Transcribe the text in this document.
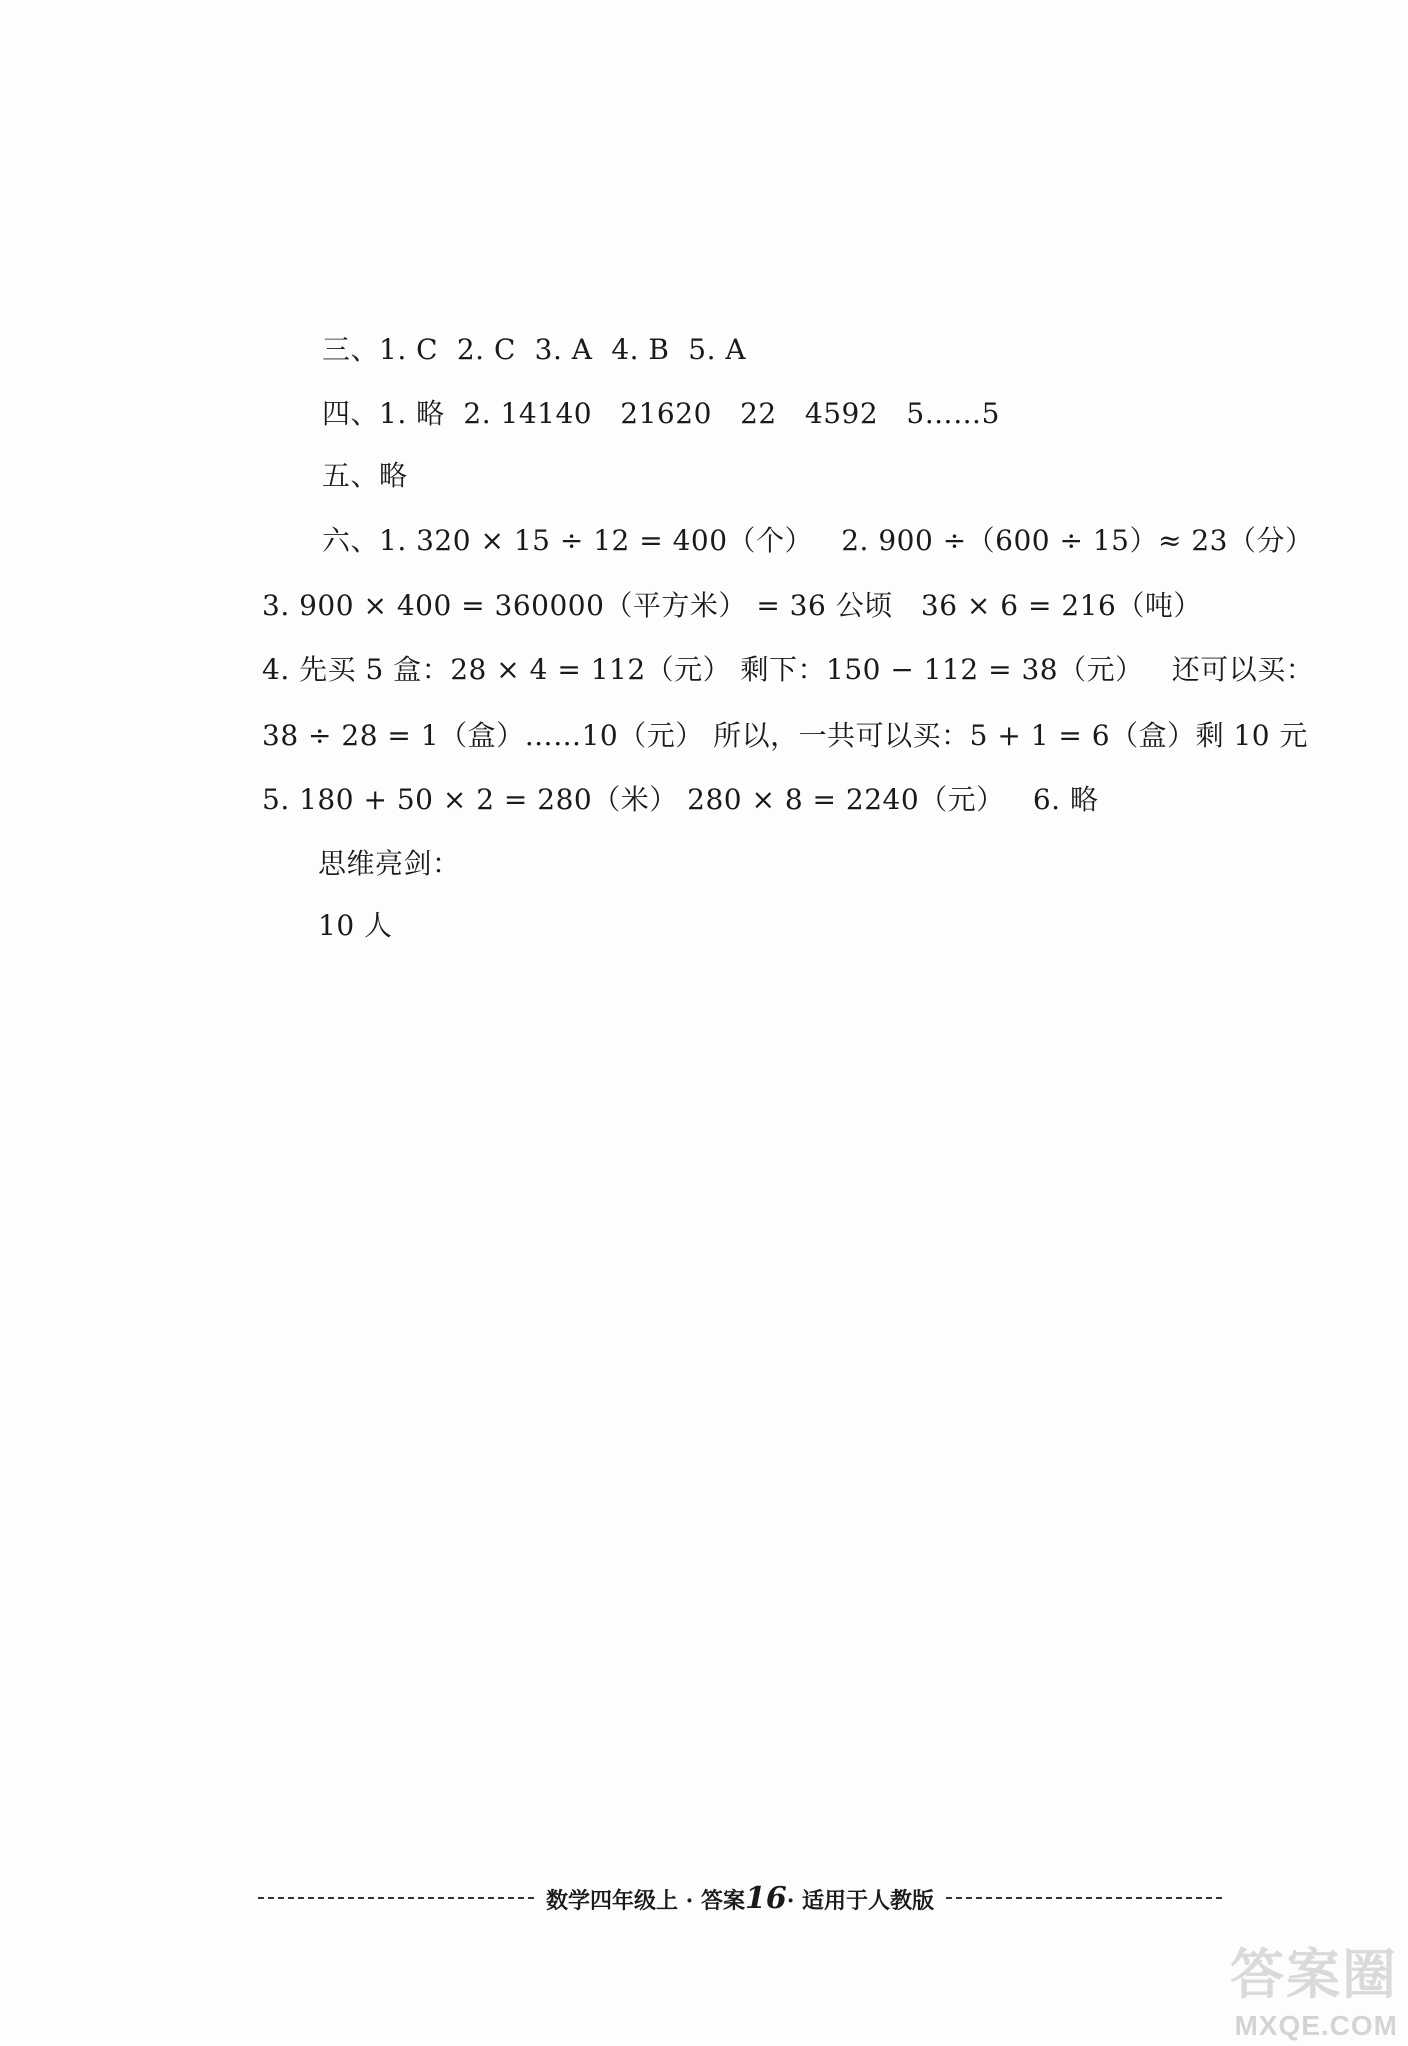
三、1. C  2. C  3. A  4. B  5. A
四、1. 略  2. 14140   21620   22   4592   5……5
五、略
六、1. 320 × 15 ÷ 12 = 400（个）   2. 900 ÷（600 ÷ 15）≈ 23（分）
3. 900 × 400 = 360000（平方米） = 36 公顷   36 × 6 = 216（吨）
4. 先买 5 盒：28 × 4 = 112（元） 剩下：150 − 112 = 38（元）   还可以买：
38 ÷ 28 = 1（盒）……10（元） 所以，一共可以买：5 + 1 = 6（盒）剩 10 元
5. 180 + 50 × 2 = 280（米） 280 × 8 = 2240（元）   6. 略
思维亮剑：
10 人
数学四年级上 · 答案16· 适用于人教版
答案圈
MXQE.COM
